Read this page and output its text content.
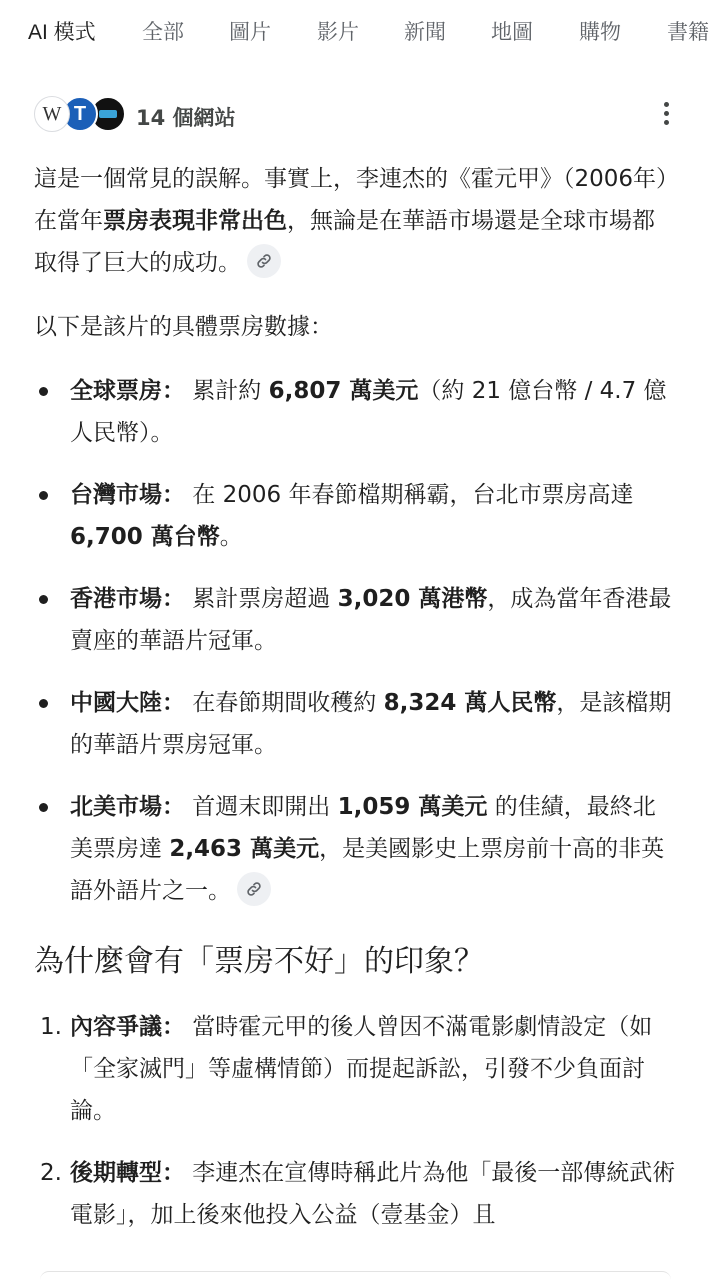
AI 模式 全部 圖片 影片 新聞 地圖 購物 書籍
W T	14 個網站

這是一個常見的誤解。事實上，李連杰的《霍元甲》（2006年）在當年票房表現非常出色，無論是在華語市場還是全球市場都取得了巨大的成功。

以下是該片的具體票房數據：

全球票房： 累計約 6,807 萬美元（約 21 億台幣 / 4.7 億人民幣）。
台灣市場： 在 2006 年春節檔期稱霸，台北市票房高達 6,700 萬台幣。
香港市場： 累計票房超過 3,020 萬港幣，成為當年香港最賣座的華語片冠軍。
中國大陸： 在春節期間收穫約 8,324 萬人民幣，是該檔期的華語片票房冠軍。
北美市場： 首週末即開出 1,059 萬美元 的佳績，最終北美票房達 2,463 萬美元，是美國影史上票房前十高的非英語外語片之一。
為什麼會有「票房不好」的印象？
1. 內容爭議： 當時霍元甲的後人曾因不滿電影劇情設定（如「全家滅門」等虛構情節）而提起訴訟，引發不少負面討論。
2. 後期轉型： 李連杰在宣傳時稱此片為他「最後一部傳統武術電影」，加上後來他投入公益（壹基金）且
